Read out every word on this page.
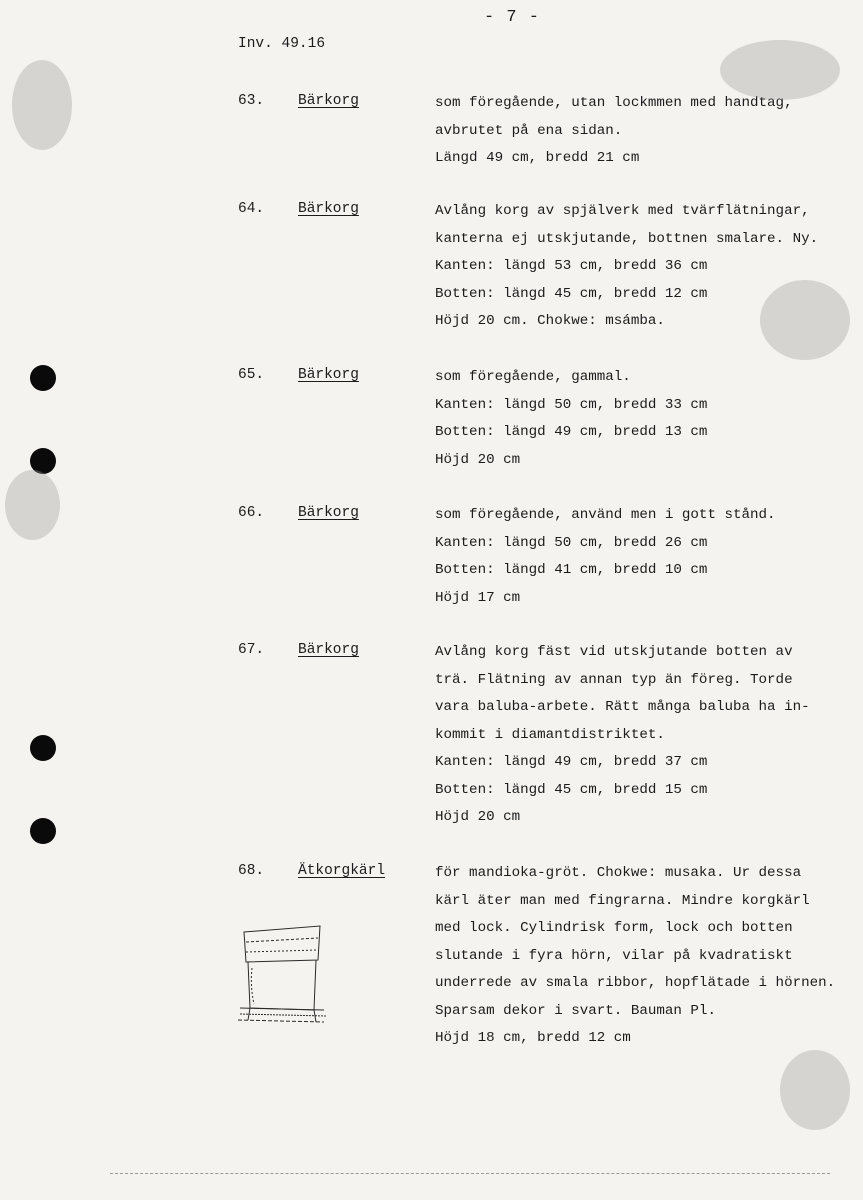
- 7 -
Inv. 49.16
63. Bärkorg	som föregående, utan lockmmen med handtag,
avbrutet på ena sidan.
Längd 49 cm, bredd 21 cm
64. Bärkorg	Avlång korg av spjälverk med tvärflätningar,
kanterna ej utskjutande, bottnen smalare. Ny.
Kanten: längd 53 cm, bredd 36 cm
Botten: längd 45 cm, bredd 12 cm
Höjd 20 cm. Chokwe: msámba.
65. Bärkorg	som föregående, gammal.
Kanten: längd 50 cm, bredd 33 cm
Botten: längd 49 cm, bredd 13 cm
Höjd 20 cm
66. Bärkorg	som föregående, använd men i gott stånd.
Kanten: längd 50 cm, bredd 26 cm
Botten: längd 41 cm, bredd 10 cm
Höjd 17 cm
67. Bärkorg	Avlång korg fäst vid utskjutande botten av
trä. Flätning av annan typ än föreg. Torde
vara baluba-arbete. Rätt många baluba ha in-
kommit i diamantdistriktet.
Kanten: längd 49 cm, bredd 37 cm
Botten: längd 45 cm, bredd 15 cm
Höjd 20 cm
68. Ätkorgkärl	för mandioka-gröt. Chokwe: musaka. Ur dessa
kärl äter man med fingrarna. Mindre korgkärl
med lock. Cylindrisk form, lock och botten
slutande i fyra hörn, vilar på kvadratiskt
underrede av smala ribbor, hopflätade i hörnen.
Sparsam dekor i svart. Bauman Pl.
Höjd 18 cm, bredd 12 cm
